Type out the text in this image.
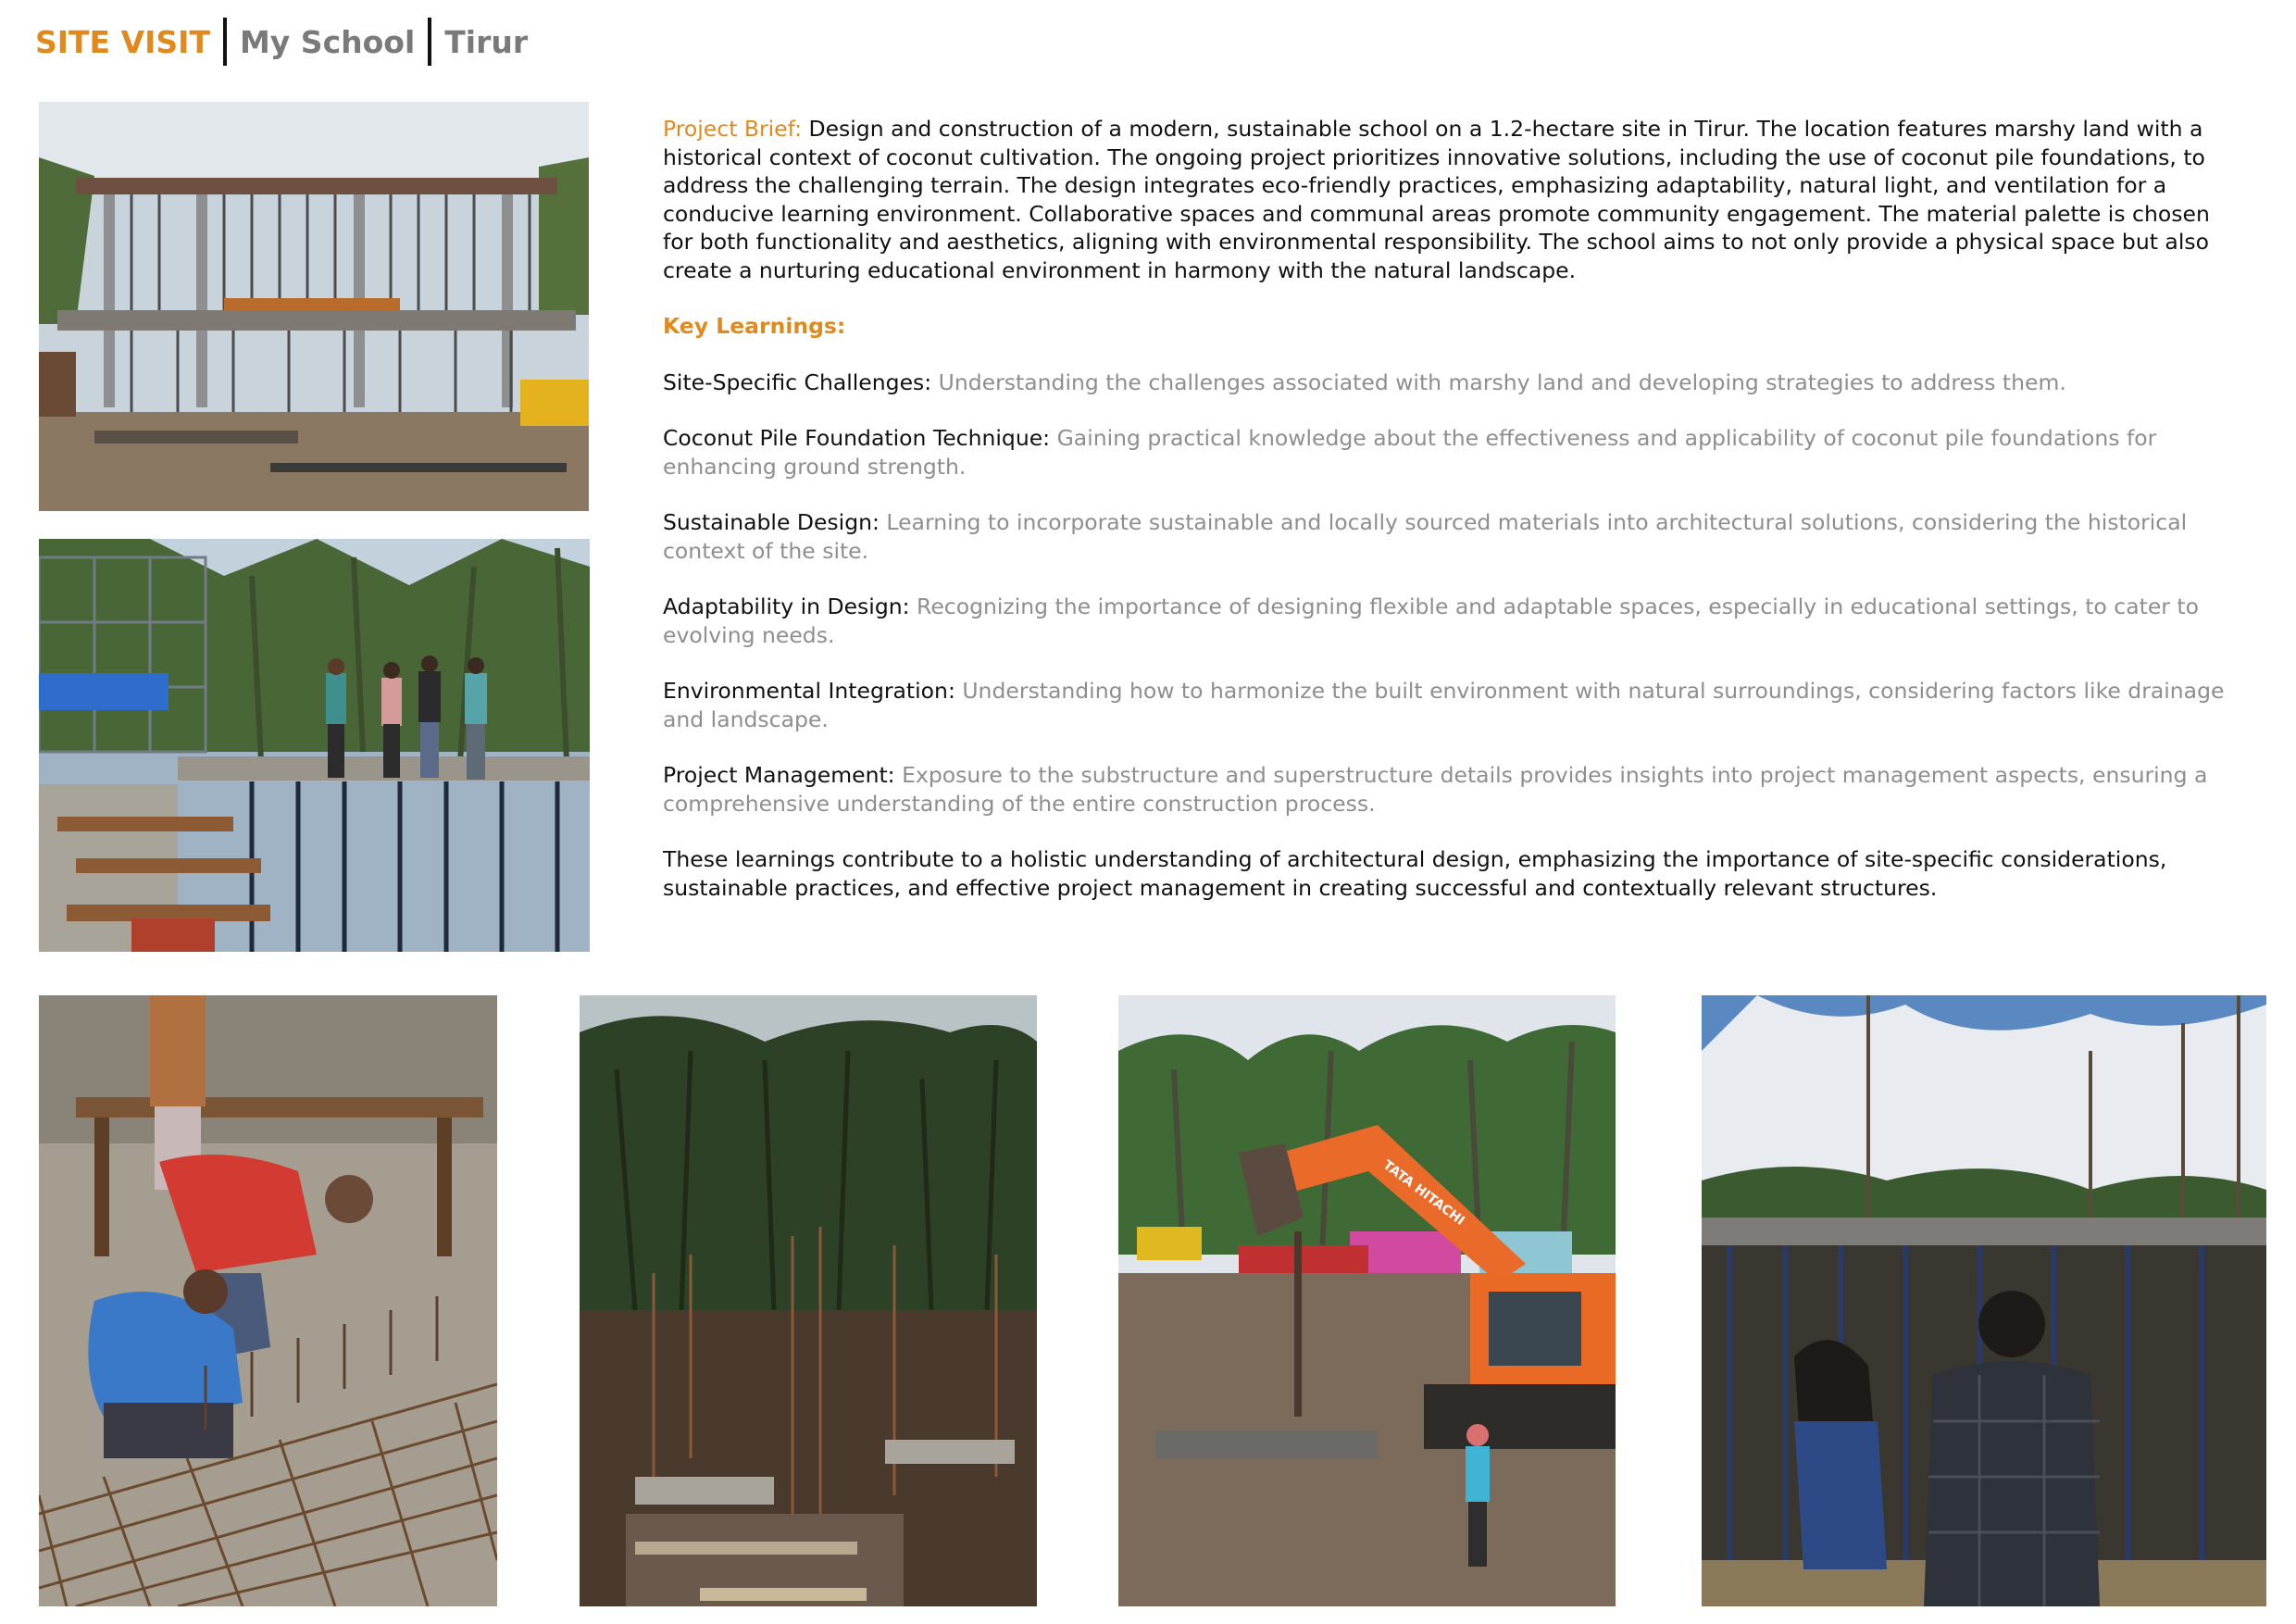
SITE VISIT My School Tirur
TATA HITACHI

Project Brief: Design and construction of a modern, sustainable school on a 1.2-hectare site in Tirur. The location features marshy land with a historical context of coconut cultivation. The ongoing project prioritizes innovative solutions, including the use of coconut pile foundations, to address the challenging terrain. The design integrates eco-friendly practices, emphasizing adaptability, natural light, and ventilation for a conducive learning environment. Collaborative spaces and communal areas promote community engagement. The material palette is chosen for both functionality and aesthetics, aligning with environmental responsibility. The school aims to not only provide a physical space but also create a nurturing educational environment in harmony with the natural landscape.

Key Learnings:

Site-Specific Challenges: Understanding the challenges associated with marshy land and developing strategies to address them.

Coconut Pile Foundation Technique: Gaining practical knowledge about the effectiveness and applicability of coconut pile foundations for enhancing ground strength.

Sustainable Design: Learning to incorporate sustainable and locally sourced materials into architectural solutions, considering the historical context of the site.

Adaptability in Design: Recognizing the importance of designing flexible and adaptable spaces, especially in educational settings, to cater to evolving needs.

Environmental Integration: Understanding how to harmonize the built environment with natural surroundings, considering factors like drainage and landscape.

Project Management: Exposure to the substructure and superstructure details provides insights into project management aspects, ensuring a comprehensive understanding of the entire construction process.

These learnings contribute to a holistic understanding of architectural design, emphasizing the importance of site-specific considerations, sustainable practices, and effective project management in creating successful and contextually relevant structures.
